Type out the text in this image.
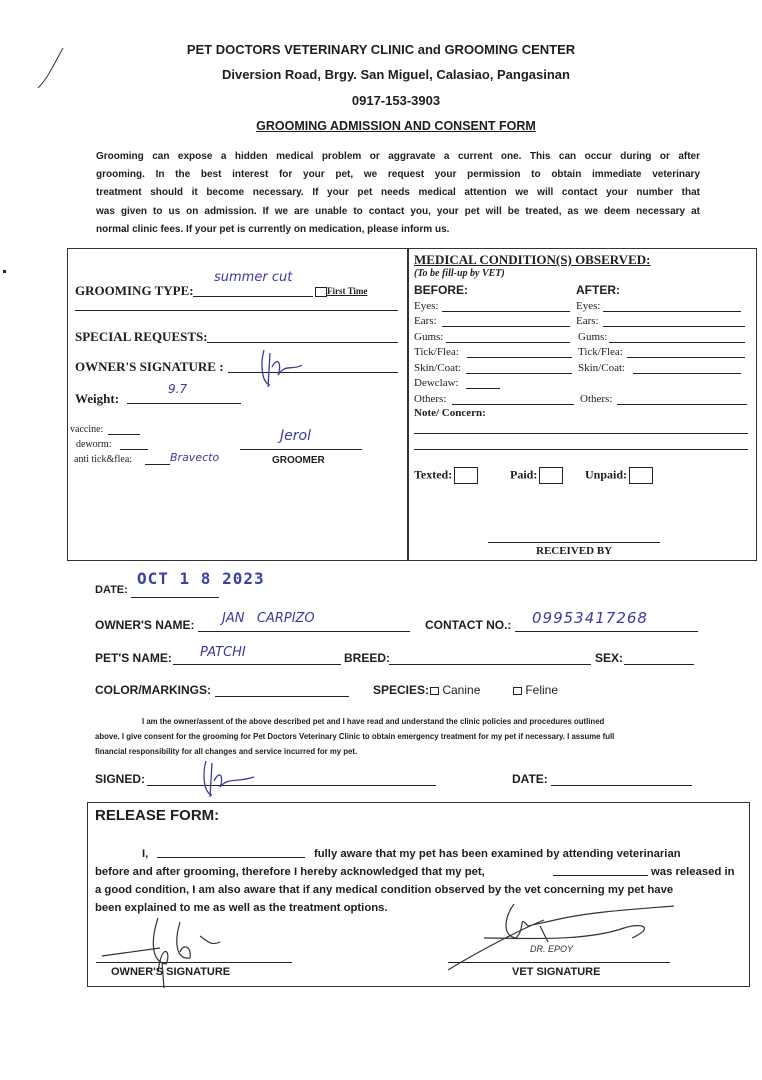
PET DOCTORS VETERINARY CLINIC and GROOMING CENTER
Diversion Road, Brgy. San Miguel, Calasiao, Pangasinan
0917-153-3903
GROOMING ADMISSION AND CONSENT FORM
Grooming can expose a hidden medical problem or aggravate a current one. This can occur during or after
grooming. In the best interest for your pet, we request your permission to obtain immediate veterinary
treatment should it become necessary. If your pet needs medical attention we will contact your number that
was given to us on admission. If we are unable to contact you, your pet will be treated, as we deem necessary at
normal clinic fees. If your pet is currently on medication, please inform us.
GROOMING TYPE:
summer cut
First Time
SPECIAL REQUESTS:
OWNER'S SIGNATURE :
Weight:
9.7
vaccine:
deworm:
anti tick&flea:	Bravecto
Jerol
GROOMER
MEDICAL CONDITION(S) OBSERVED:
(To be fill-up by VET)
BEFORE:	AFTER:
Eyes:	Eyes:
Ears:	Ears:
Gums:	Gums:
Tick/Flea:	Tick/Flea:
Skin/Coat:	Skin/Coat:
Dewclaw:
Others:	Others:
Note/ Concern:
Texted:	Paid:	Unpaid:
RECEIVED BY
DATE:
OCT 1 8 2023
OWNER'S NAME: JAN   CARPIZO	CONTACT NO.: 09953417268
PET'S NAME: PATCHI	BREED:	SEX:
COLOR/MARKINGS:	SPECIES:	Canine	Feline
I am the owner/assent of the above described pet and I have read and understand the clinic policies and procedures outlined
above. I give consent for the grooming for Pet Doctors Veterinary Clinic to obtain emergency treatment for my pet if necessary. I assume full
financial responsibility for all changes and service incurred for my pet.
SIGNED:	DATE:
RELEASE FORM:
I,	fully aware that my pet has been examined by attending veterinarian
before and after grooming, therefore I hereby acknowledged that my pet,	was released in
a good condition, I am also aware that if any medical condition observed by the vet concerning my pet have
been explained to me as well as the treatment options.
OWNER'S SIGNATURE
DR. EPOY
VET SIGNATURE
